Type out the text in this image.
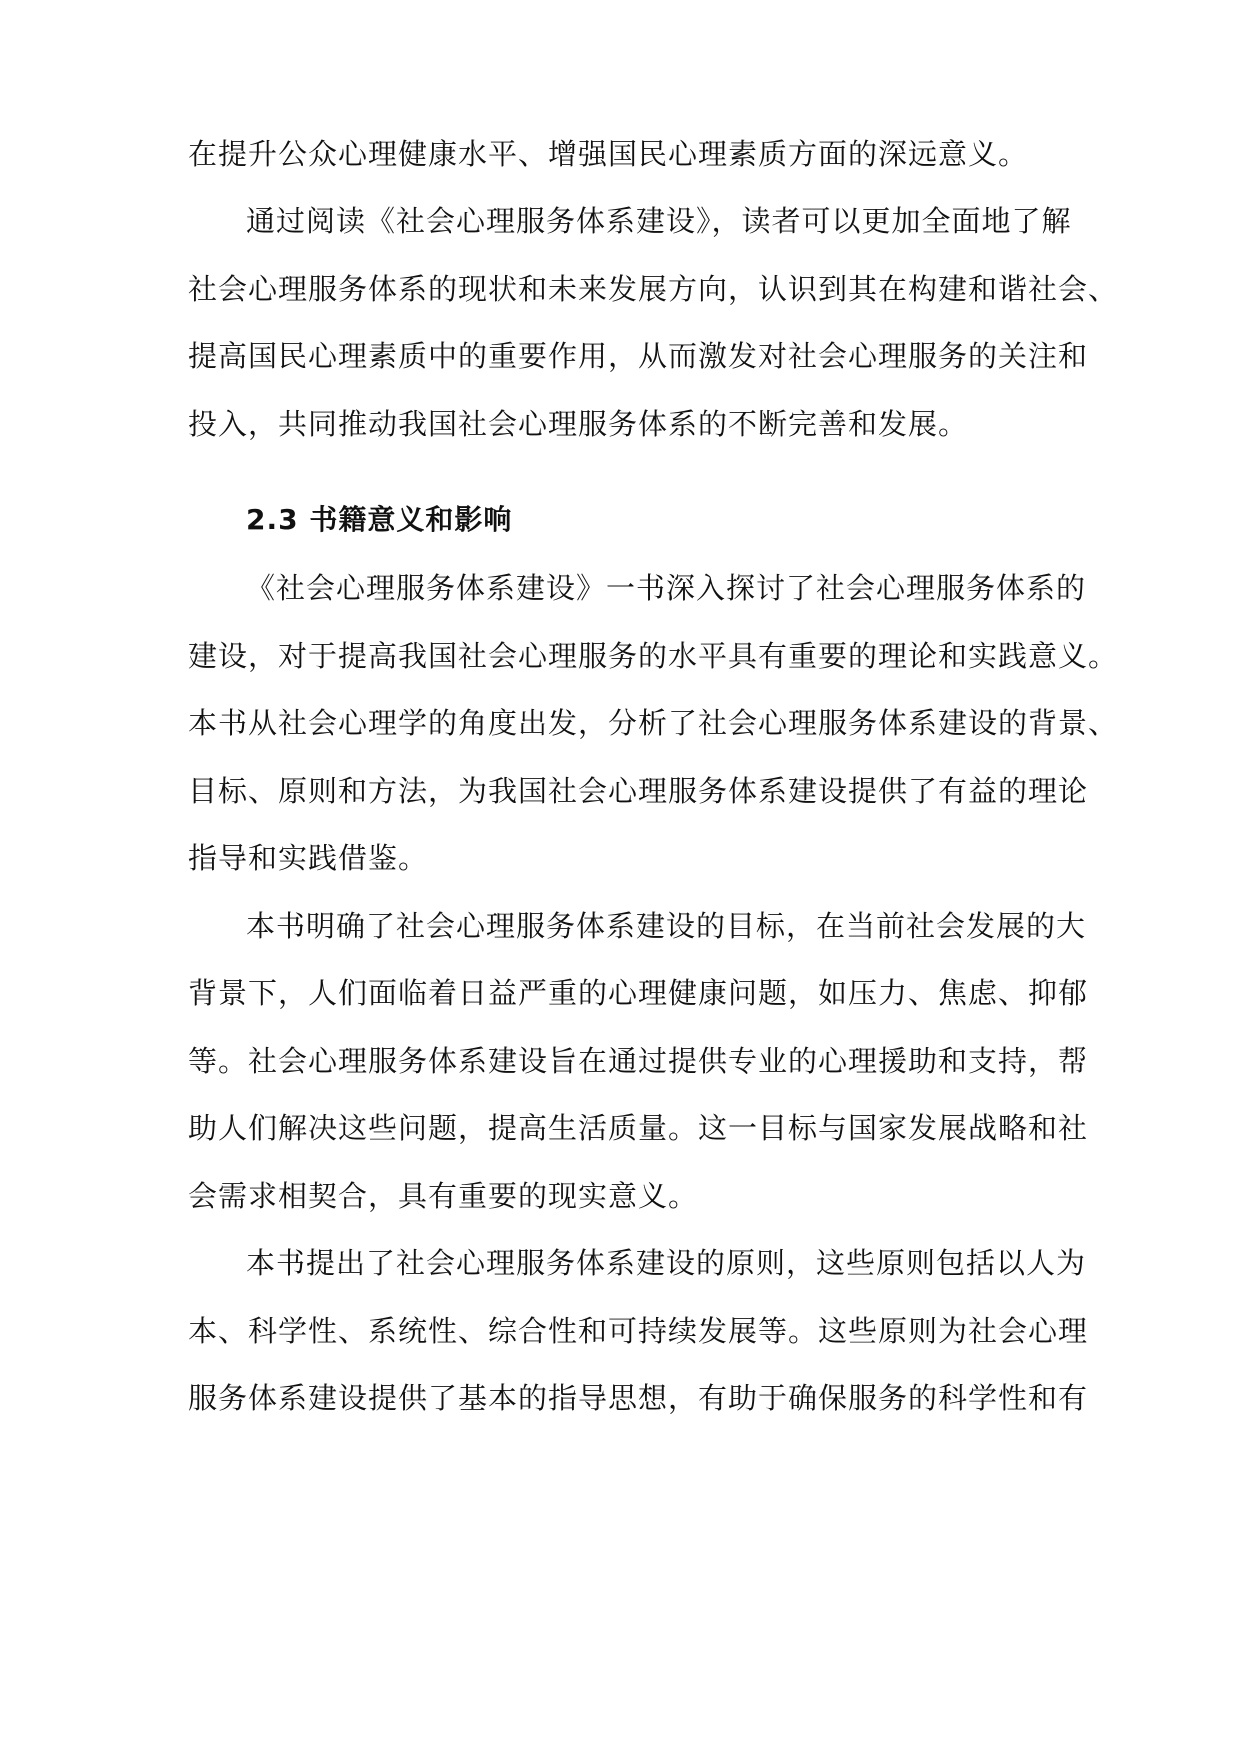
在提升公众心理健康水平、增强国民心理素质方面的深远意义。
通过阅读《社会心理服务体系建设》，读者可以更加全面地了解
社会心理服务体系的现状和未来发展方向，认识到其在构建和谐社会、
提高国民心理素质中的重要作用，从而激发对社会心理服务的关注和
投入，共同推动我国社会心理服务体系的不断完善和发展。
2.3 书籍意义和影响
《社会心理服务体系建设》一书深入探讨了社会心理服务体系的
建设，对于提高我国社会心理服务的水平具有重要的理论和实践意义。
本书从社会心理学的角度出发，分析了社会心理服务体系建设的背景、
目标、原则和方法，为我国社会心理服务体系建设提供了有益的理论
指导和实践借鉴。
本书明确了社会心理服务体系建设的目标，在当前社会发展的大
背景下，人们面临着日益严重的心理健康问题，如压力、焦虑、抑郁
等。社会心理服务体系建设旨在通过提供专业的心理援助和支持，帮
助人们解决这些问题，提高生活质量。这一目标与国家发展战略和社
会需求相契合，具有重要的现实意义。
本书提出了社会心理服务体系建设的原则，这些原则包括以人为
本、科学性、系统性、综合性和可持续发展等。这些原则为社会心理
服务体系建设提供了基本的指导思想，有助于确保服务的科学性和有
